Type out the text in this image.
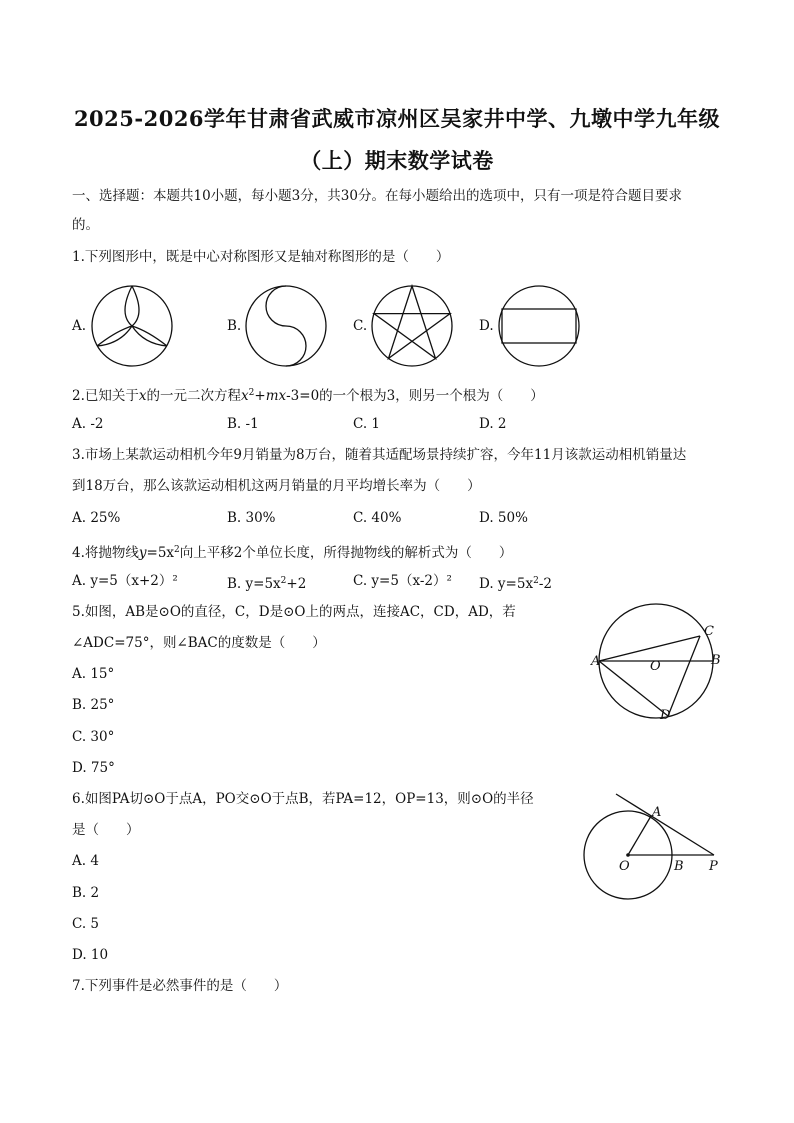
2025-2026学年甘肃省武威市凉州区吴家井中学、九墩中学九年级
（上）期末数学试卷
一、选择题：本题共10小题，每小题3分，共30分。在每小题给出的选项中，只有一项是符合题目要求
的。
1.下列图形中，既是中心对称图形又是轴对称图形的是（　　）
A.	B.	C.	D.
2.已知关于x的一元二次方程$x^2+mx-3=0$的一个根为3，则另一个根为（　　）
A. -2	B. -1	C. 1	D. 2
3.市场上某款运动相机今年9月销量为8万台，随着其适配场景持续扩容，今年11月该款运动相机销量达
到18万台，那么该款运动相机这两月销量的月平均增长率为（　　）
A. 25%	B. 30%	C. 40%	D. 50%
4.将抛物线$y=5x^2$向上平移2个单位长度，所得抛物线的解析式为（　　）
A. y=5（x+2）²	B. $y=5x^2+2$	C. y=5（x-2）² D. $y=5x^2-2$
5.如图，AB是⊙O的直径，C，D是⊙O上的两点，连接AC，CD，AD，若
∠ADC=75°，则∠BAC的度数是（　　）
A. 15°
B. 25°
C. 30°
D. 75°
A	B
C
D
O
6.如图PA切⊙O于点A，PO交⊙O于点B，若PA=12，OP=13，则⊙O的半径
是（　　）
A. 4
B. 2
C. 5
D. 10
O	B P
A
7.下列事件是必然事件的是（　　）
